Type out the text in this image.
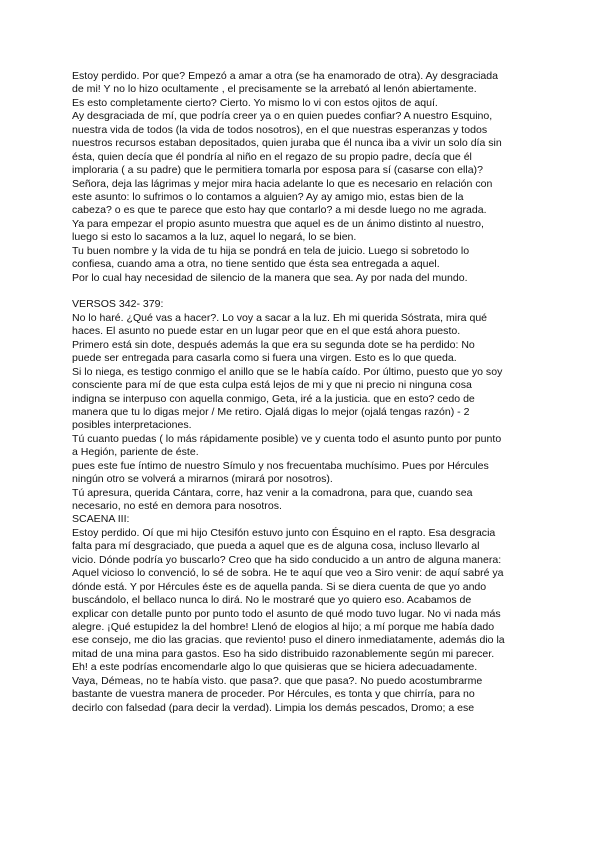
Estoy perdido. Por que? Empezó a amar a otra (se ha enamorado de otra). Ay desgraciada
de mi! Y no lo hizo ocultamente , el precisamente se la arrebató al lenón abiertamente.
Es esto completamente cierto? Cierto. Yo mismo lo vi con estos ojitos de aquí.
Ay desgraciada de mí, que podría creer ya o en quien puedes confiar? A nuestro Esquino,
nuestra vida de todos (la vida de todos nosotros), en el que nuestras esperanzas y todos
nuestros recursos estaban depositados, quien juraba que él nunca iba a vivir un solo día sin
ésta, quien decía que él pondría al niño en el regazo de su propio padre, decía que él
imploraria ( a su padre) que le permitiera tomarla por esposa para sí (casarse con ella)?
Señora, deja las lágrimas y mejor mira hacia adelante lo que es necesario en relación con
este asunto: lo sufrimos o lo contamos a alguien? Ay ay amigo mio, estas bien de la
cabeza? o es que te parece que esto hay que contarlo? a mi desde luego no me agrada.
Ya para empezar el propio asunto muestra que aquel es de un ánimo distinto al nuestro,
luego si esto lo sacamos a la luz, aquel lo negará, lo se bien.
Tu buen nombre y la vida de tu hija se pondrá en tela de juicio. Luego si sobretodo lo
confiesa, cuando ama a otra, no tiene sentido que ésta sea entregada a aquel.
Por lo cual hay necesidad de silencio de la manera que sea. Ay por nada del mundo.
VERSOS 342- 379:
No lo haré. ¿Qué vas a hacer?. Lo voy a sacar a la luz. Eh mi querida Sóstrata, mira qué
haces. El asunto no puede estar en un lugar peor que en el que está ahora puesto.
Primero está sin dote, después además la que era su segunda dote se ha perdido: No
puede ser entregada para casarla como si fuera una virgen. Esto es lo que queda.
Si lo niega, es testigo conmigo el anillo que se le había caído. Por último, puesto que yo soy
consciente para mí de que esta culpa está lejos de mi y que ni precio ni ninguna cosa
indigna se interpuso con aquella conmigo, Geta, iré a la justicia. que en esto? cedo de
manera que tu lo digas mejor / Me retiro. Ojalá digas lo mejor (ojalá tengas razón) - 2
posibles interpretaciones.
Tú cuanto puedas ( lo más rápidamente posible) ve y cuenta todo el asunto punto por punto
a Hegión, pariente de éste.
pues este fue íntimo de nuestro Símulo y nos frecuentaba muchísimo. Pues por Hércules
ningún otro se volverá a mirarnos (mirará por nosotros).
Tú apresura, querida Cántara, corre, haz venir a la comadrona, para que, cuando sea
necesario, no esté en demora para nosotros.
SCAENA III:
Estoy perdido. Oí que mi hijo Ctesifón estuvo junto con Ésquino en el rapto. Esa desgracia
falta para mí desgraciado, que pueda a aquel que es de alguna cosa, incluso llevarlo al
vicio. Dónde podría yo buscarlo? Creo que ha sido conducido a un antro de alguna manera:
Aquel vicioso lo convenció, lo sé de sobra. He te aquí que veo a Siro venir: de aquí sabré ya
dónde está. Y por Hércules éste es de aquella panda. Si se diera cuenta de que yo ando
buscándolo, el bellaco nunca lo dirá. No le mostraré que yo quiero eso. Acabamos de
explicar con detalle punto por punto todo el asunto de qué modo tuvo lugar. No vi nada más
alegre. ¡Qué estupidez la del hombre! Llenó de elogios al hijo; a mí porque me había dado
ese consejo, me dio las gracias. que reviento! puso el dinero inmediatamente, además dio la
mitad de una mina para gastos. Eso ha sido distribuido razonablemente según mi parecer.
Eh! a este podrías encomendarle algo lo que quisieras que se hiciera adecuadamente.
Vaya, Démeas, no te había visto. que pasa?. que que pasa?. No puedo acostumbrarme
bastante de vuestra manera de proceder. Por Hércules, es tonta y que chirría, para no
decirlo con falsedad (para decir la verdad). Limpia los demás pescados, Dromo; a ese
